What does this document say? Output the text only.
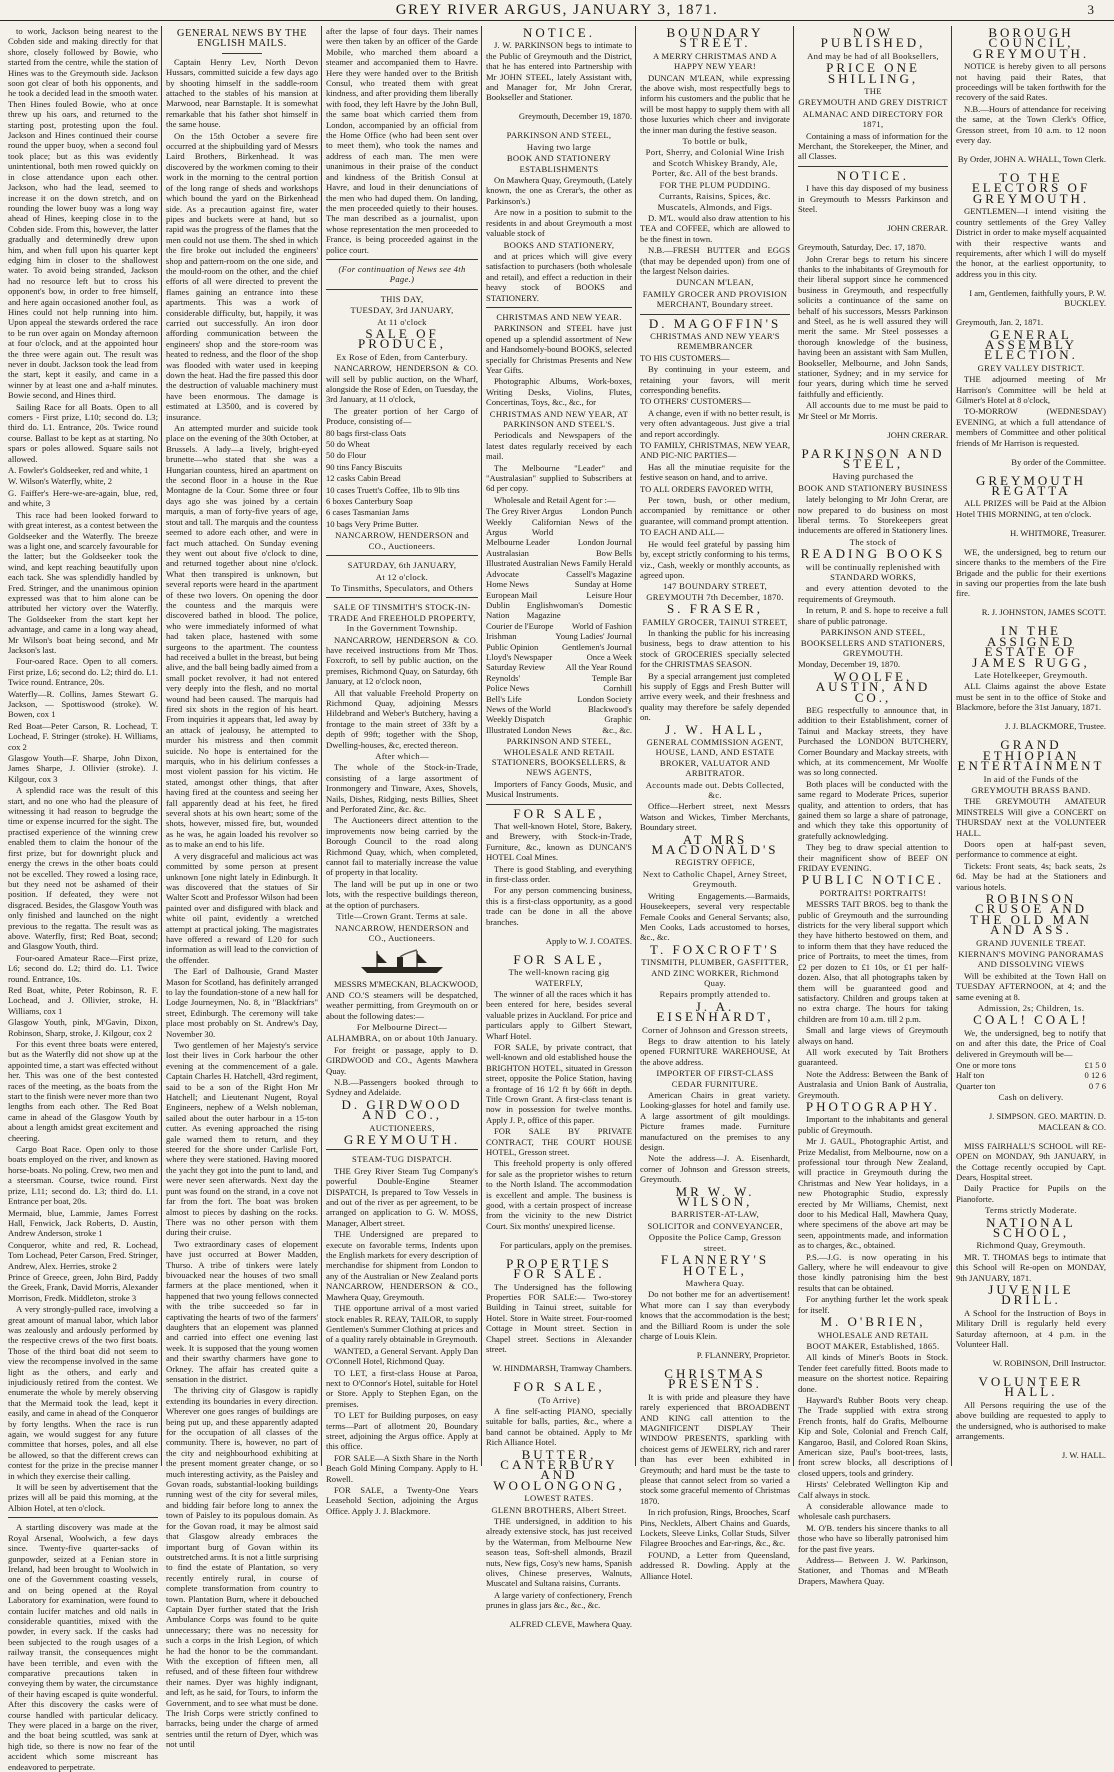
GREY RIVER ARGUS, JANUARY 3, 1871.	3

to work, Jackson being nearest to the Cobden side and making directly for that shore, closely followed by Bowie, who started from the centre, while the station of Hines was to the Greymouth side. Jackson soon got clear of both his opponents, and he took a decided lead in the smooth water. Then Hines fouled Bowie, who at once threw up his oars, and returned to the starting post, protesting upon the foul. Jackson and Hines continued their course round the upper buoy, when a second foul took place; but as this was evidently unintentional, both men rowed quickly on in close attendance upon each other. Jackson, who had the lead, seemed to increase it on the down stretch, and on rounding the lower buoy was a long way ahead of Hines, keeping close in to the Cobden side. From this, however, the latter gradually and determinedly drew upon him, and when full upon his quarter kept edging him in closer to the shallowest water. To avoid being stranded, Jackson had no resource left but to cross his opponent's bow, in order to free himself, and here again occasioned another foul, as Hines could not help running into him. Upon appeal the stewards ordered the race to be run over again on Monday afternoon at four o'clock, and at the appointed hour the three were again out. The result was never in doubt. Jackson took the lead from the start, kept it easily, and came in a winner by at least one and a-half minutes. Bowie second, and Hines third.

Sailing Race for all Boats. Open to all comers - First prize, L10; second do. L3; third do. L1. Entrance, 20s. Twice round course. Ballast to be kept as at starting. No spars or poles allowed. Square sails not allowed.

A. Fowler's Goldseeker, red and white, 1

W. Wilson's Waterfly, white, 2

G. Faiffer's Here-we-are-again, blue, red, and white, 3

This race had been looked forward to with great interest, as a contest between the Goldseeker and the Waterfly. The breeze was a light one, and scarcely favourable for the latter; but the Goldseeker took the wind, and kept reaching beautifully upon each tack. She was splendidly handled by Fred. Stringer, and the unanimous opinion expressed was that to him alone can be attributed her victory over the Waterfly. The Goldseeker from the start kept her advantage, and came in a long way ahead, Mr Wilson's boat being second, and Mr Jackson's last.

Four-oared Race. Open to all comers. First prize, L6; second do. L2; third do. L1. Twice round. Entrance, 20s.

Waterfly—R. Collins, James Stewart G. Jackson, — Spottiswood (stroke). W. Bowen, cox 1

Red Boat—Peter Carson, R. Lochead, T. Lochead, F. Stringer (stroke). H. Williams, cox 2

Glasgow Youth—F. Sharpe, John Dixon, James Sharpe, J. Ollivier (stroke). J. Kilgour, cox 3

A splendid race was the result of this start, and no one who had the pleasure of witnessing it had reason to begrudge the time or expense incurred for the sight. The practised experience of the winning crew enabled them to claim the honour of the first prize, but for downright pluck and energy the crews in the other boats could not be excelled. They rowed a losing race, but they need not be ashamed of their position. If defeated, they were not disgraced. Besides, the Glasgow Youth was only finished and launched on the night previous to the regatta. The result was as above. Waterfly, first; Red Boat, second; and Glasgow Youth, third.

Four-oared Amateur Race—First prize, L6; second do. L2; third do. L1. Twice round. Entrance, 10s.

Red Boat, white, Peter Robinson, R. F. Lochead, and J. Ollivier, stroke, H. Williams, cox 1

Glasgow Youth, pink, M'Gavin, Dixon, Robinson, Sharp, stroke, J. Kilgour, cox 2

For this event three boats were entered, but as the Waterfly did not show up at the appointed time, a start was effected without her. This was one of the best contested races of the meeting, as the boats from the start to the finish were never more than two lengths from each other. The Red Boat came in ahead of the Glasgow Youth by about a length amidst great excitement and cheering.

Cargo Boat Race. Open only to those boats employed on the river, and known as horse-boats. No poling. Crew, two men and a steersman. Course, twice round. First prize, L11; second do. L3; third do. L1. Entrance per boat, 20s.

Mermaid, blue, Lammie, James Forrest Hall, Fenwick, Jack Roberts, D. Austin, Andrew Anderson, stroke 1

Conqueror, white and red, R. Lochead, Tom Lochead, Peter Carson, Fred. Stringer, Andrew, Alex. Herries, stroke 2

Prince of Greece, green, John Bird, Paddy the Greek, Frank, David Morris, Alexander Morrison, Fredk. Middleton, stroke 3

A very strongly-pulled race, involving a great amount of manual labor, which labor was zealously and ardously performed by the respective crews of the two first boats. Those of the third boat did not seem to view the recompense involved in the same light as the others, and early and injudiciously retired from the contest. We enumerate the whole by merely observing that the Mermaid took the lead, kept it easily, and came in ahead of the Conqueror by forty lengths. When the race is run again, we would suggest for any future committee that horses, poles, and all else be allowed, so that the different crews can contest for the prize in the precise manner in which they exercise their calling.

It will be seen by advertisement that the prizes will all be paid this morning, at the Albion Hotel, at ten o'clock.

A startling discovery was made at the Royal Arsenal, Woolwich, a few days since. Twenty-five quarter-sacks of gunpowder, seized at a Fenian store in Ireland, had been brought to Woolwich in one of the Government coasting vessels, and on being opened at the Royal Laboratory for examination, were found to contain lucifer matches and old nails in considerable quantities, mixed with the powder, in every sack. If the casks had been subjected to the rough usages of a railway transit, the consequences might have been terrible, and even with the comparative precautions taken in conveying them by water, the circumstance of their having escaped is quite wonderful. After this discovery the casks were of course handled with particular delicacy. They were placed in a barge on the river, and the boat being scuttled, was sank at high tide, so there is now no fear of the accident which some miscreant has endeavored to perpetrate.

GENERAL NEWS BY THE ENGLISH MAILS.

Captain Henry Lev, North Devon Hussars, committed suicide a few days ago by shooting himself in the saddle-room attached to the stables of his mansion at Marwood, near Barnstaple. It is somewhat remarkable that his father shot himself in the same house.

On the 15th October a severe fire occurred at the shipbuilding yard of Messrs Laird Brothers, Birkenhead. It was discovered by the workmen coming to their work in the morning to the central portion of the long range of sheds and workshops which bound the yard on the Birkenhead side. As a precaution against fire, water pipes and buckets were at hand, but so rapid was the progress of the flames that the men could not use them. The shed in which the fire broke out included the engineers' shop and pattern-room on the one side, and the mould-room on the other, and the chief efforts of all were directed to prevent the flames gaining an entrance into these apartments. This was a work of considerable difficulty, but, happily, it was carried out successfully. An iron door affording communication between the engineers' shop and the store-room was heated to redness, and the floor of the shop was flooded with water used in keeping down the heat. Had the fire passed this door the destruction of valuable machinery must have been enormous. The damage is estimated at L3500, and is covered by insurance.

An attempted murder and suicide took place on the evening of the 30th October, at Brussels. A lady—a lively, bright-eyed brunette—who stated that she was a Hungarian countess, hired an apartment on the second floor in a house in the Rue Montagne de la Cour. Some three or four days ago she was joined by a certain marquis, a man of forty-five years of age, stout and tall. The marquis and the countess seemed to adore each other, and were in fact much attached. On Sunday evening they went out about five o'clock to dine, and returned together about nine o'clock. What then transpired is unknown, but several reports were heard in the apartment of these two lovers. On opening the door the countess and the marquis were discovered bathed in blood. The police, who were immediately informed of what had taken place, hastened with some surgeons to the apartment. The countess had received a bullet in the breast, but being alive, and the ball being badly aimed from a small pocket revolver, it had not entered very deeply into the flesh, and no mortal wound had been caused. The marquis had fired six shots in the region of his heart. From inquiries it appears that, led away by an attack of jealousy, he attempted to murder his mistress and then commit suicide. No hope is entertained for the marquis, who in his delirium confesses a most violent passion for his victim. He stated, amongst other things, that after having fired at the countess and seeing her fall apparently dead at his feet, he fired several shots at his own heart; some of the shots, however, missed fire, but, wounded as he was, he again loaded his revolver so as to make an end to his life.

A very disgraceful and malicious act was committed by some person at present unknown [one night lately in Edinburgh. It was discovered that the statues of Sir Walter Scott and Professor Wilson had been painted over and disfigured with black and white oil paint, evidently a wretched attempt at practical joking. The magistrates have offered a reward of L20 for such information as will lead to the conviction of the offender.

The Earl of Dalhousie, Grand Master Mason for Scotland, has definitely arranged to lay the foundation-stone of a new hall for Lodge Journeymen, No. 8, in "Blackfriars" street, Edinburgh. The ceremony will take place most probably on St. Andrew's Day, November 30.

Two gentlemen of her Majesty's service lost their lives in Cork harbour the other evening at the commencement of a gale. Captain Charles H. Hatchell, 43rd regiment, said to be a son of the Right Hon Mr Hatchell; and Lieutenant Nugent, Royal Engineers, nephew of a Welsh nobleman, sailed about the outer harbour in a 15-ton cutter. As evening approached the rising gale warned them to return, and they steered for the shore under Carlisle Fort, where they were stationed. Having moored the yacht they got into the punt to land, and were never seen afterwards. Next day the punt was found on the strand, in a cove not far from the fort. The boat was broken almost to pieces by dashing on the rocks. There was no other person with them during their cruise.

Two extraordinary cases of elopement have just occurred at Bower Madden, Thurso. A tribe of tinkers were lately bivouacked near the houses of two small farmers at the place mentioned, when it happened that two young fellows connected with the tribe succeeded so far in captivating the hearts of two of the farmers' daughters that an elopement was planned and carried into effect one evening last week. It is supposed that the young women and their swarthy charmers have gone to Orkney. The affair has created quite a sensation in the district.

The thriving city of Glasgow is rapidly extending its boundaries in every direction. Wherever one goes ranges of buildings are being put up, and these apparently adapted for the occupation of all classes of the community. There is, however, no part of the city and neighbourhood exhibiting at the present moment greater change, or so much interesting activity, as the Paisley and Govan roads, substantial-looking buildings running west of the city for several miles, and bidding fair before long to annex the town of Paisley to its populous domain. As for the Govan road, it may be almost said that Glasgow already embraces the important burg of Govan within its outstretched arms. It is not a little surprising to find the estate of Plantation, so very recently entirely rural, in course of complete transformation from country to town. Plantation Burn, where it debouched Captain Dyer further stated that the Irish Ambulance Corps was found to be quite unnecessary; there was no necessity for such a corps in the Irish Legion, of which he had the honor to be the commandant. With the exception of fifteen men, all refused, and of these fifteen four withdrew their names. Dyer was highly indignant, and left, as he said, for Tours, to inform the Government, and to see what must be done. The Irish Corps were strictly confined to barracks, being under the charge of armed sentries until the return of Dyer, which was not until

after the lapse of four days. Their names were then taken by an officer of the Garde Mobile, who marched them aboard a steamer and accompanied them to Havre. Here they were handed over to the British Consul, who treated them with great kindness, and after providing them liberally with food, they left Havre by the John Bull, the same boat which carried them from London, accompanied by an official from the Home Office (who had been sent over to meet them), who took the names and address of each man. The men were unanimous in their praise of the conduct and kindness of the British Consul at Havre, and loud in their denunciations of the men who had duped them. On landing, the men proceeded quietly to their houses. The man described as a journalist, upon whose representation the men proceeded to France, is being proceeded against in the police court.

(For continuation of News see 4th Page.)

THIS DAY,

TUESDAY, 3rd JANUARY,

At 11 o'clock

SALE OF PRODUCE,

Ex Rose of Eden, from Canterbury.

NANCARROW, HENDERSON & CO. will sell by public auction, on the Wharf, alongside the Rose of Eden, on Tuesday, the 3rd January, at 11 o'clock,

The greater portion of her Cargo of Produce, consisting of—

80 bags first-class Oats

50 do Wheat

50 do Flour

90 tins Fancy Biscuits

12 casks Cabin Bread

10 cases Truett's Coffee, 1lb to 9lb tins

6 boxes Canterbury Soap

6 cases Tasmanian Jams

10 bags Very Prime Butter.

NANCARROW, HENDERSON and CO., Auctioneers.

SATURDAY, 6th JANUARY,

At 12 o'clock.

To Tinsmiths, Speculators, and Others

SALE OF TINSMITH'S STOCK-IN-TRADE And FREEHOLD PROPERTY, In the Government Township.

NANCARROW, HENDERSON & CO. have received instructions from Mr Thos. Foxcroft, to sell by public auction, on the premises, Richmond Quay, on Saturday, 6th January, at 12 o'clock noon,

All that valuable Freehold Property on Richmond Quay, adjoining Messrs Hildebrand and Weber's Butchery, having a frontage to the main street of 33ft by a depth of 99ft; together with the Shop, Dwelling-houses, &c, erected thereon.

After which—

The whole of the Stock-in-Trade, consisting of a large assortment of Ironmongery and Tinware, Axes, Shovels, Nails, Dishes, Ridging, nests Billies, Sheet and Perforated Zinc, &c. &c.

The Auctioneers direct attention to the improvements now being carried by the Borough Council to the road along Richmond Quay, which, when completed, cannot fail to materially increase the value of property in that locality.

The land will be put up in one or two lots, with the respective buildings thereon, at the option of purchasers.

Title—Crown Grant. Terms at sale.

NANCARROW, HENDERSON and CO., Auctioneers.

MESSRS M'MECKAN, BLACKWOOD, AND CO.'S steamers will be despatched, weather permitting, from Greymouth on or about the following dates:—

For Melbourne Direct—

ALHAMBRA, on or about 10th January.

For freight or passage, apply to D. GIRDWOOD and CO., Agents Mawhera Quay.

N.B.—Passengers booked through to Sydney and Adelaide.

D. GIRDWOOD AND CO.,

AUCTIONEERS,

GREYMOUTH.

STEAM-TUG DISPATCH.

THE Grey River Steam Tug Company's powerful Double-Engine Steamer DISPATCH, Is prepared to Tow Vessels in and out of the river as per agreement, to be arranged on application to G. W. MOSS, Manager, Albert street.

THE Undersigned are prepared to execute on favorable terms, Indents upon the English markets for every description of merchandise for shipment from London to any of the Australian or New Zealand ports NANCARROW, HENDERSON & CO., Mawhera Quay, Greymouth.

THE opportune arrival of a most varied stock enables R. REAY, TAILOR, to supply Gentlemen's Summer Clothing at prices and of a quality rarely obtainable in Greymouth.

WANTED, a General Servant. Apply Dan O'Connell Hotel, Richmond Quay.

TO LET, a first-class House at Paroa, next to O'Connor's Hotel, suitable for Hotel or Store. Apply to Stephen Egan, on the premises.

TO LET for Building purposes, on easy terms—Part of allotment 20, Boundary street, adjoining the Argus office. Apply at this office.

FOR SALE—A Sixth Share in the North Beach Gold Mining Company. Apply to H. Rowell.

FOR SALE, a Twenty-One Years Leasehold Section, adjoining the Argus Office. Apply J. J. Blackmore.

NOTICE.

J. W. PARKINSON begs to intimate to the Public of Greymouth and the District, that he has entered into Partnership with Mr JOHN STEEL, lately Assistant with, and Manager for, Mr John Crerar, Bookseller and Stationer.

Greymouth, December 19, 1870.

PARKINSON AND STEEL,

Having two large

BOOK AND STATIONERY ESTABLISHMENTS

On Mawhera Quay, Greymouth, (Lately known, the one as Crerar's, the other as Parkinson's.)

Are now in a position to submit to the residents in and about Greymouth a most valuable stock of

BOOKS AND STATIONERY,

and at prices which will give every satisfaction to purchasers (both wholesale and retail), and effect a reduction in their heavy stock of BOOKS and STATIONERY.

CHRISTMAS AND NEW YEAR.

PARKINSON and STEEL have just opened up a splendid assortment of New and Handsomely-bound BOOKS, selected specially for Christmas Presents and New Year Gifts.

Photographic Albums, Work-boxes, Writing Desks, Violins, Flutes, Concertinas, Toys, &c., &c., for

CHRISTMAS AND NEW YEAR, AT PARKINSON AND STEEL'S.

Periodicals and Newspapers of the latest dates regularly received by each mail.

The Melbourne "Leader" and "Australasian" supplied to Subscribers at 6d per copy.

Wholesale and Retail Agent for :—

The Grey River Argus London Punch
Weekly Argus
Californian News of the World
Melbourne Leader	London Journal
Australasian	Bow Bells
Illustrated Australian News Family Herald
Advocate	Cassell's Magazine
Home News	Sunday at Home
European Mail	Leisure Hour
Dublin Nation
Englishwoman's Domestic Magazine
Courier de l'Europe World of Fashion
Irishman	Young Ladies' Journal
Public Opinion	Gentlemen's Journal
Lloyd's Newspaper	Once a Week
Saturday Review All the Year Round
Reynolds'	Temple Bar
Police News	Cornhill
Bell's Life	London Society
News of the World	Blackwood's
Weekly Dispatch	Graphic
Illustrated London News	&c., &c.

PARKINSON AND STEEL, WHOLESALE AND RETAIL STATIONERS, BOOKSELLERS, & NEWS AGENTS,

Importers of Fancy Goods, Music, and Musical Instruments.

FOR SALE,

That well-known Hotel, Store, Bakery, and Brewery, with Stock-in-Trade, Furniture, &c., known as DUNCAN'S HOTEL Coal Mines.

There is good Stabling, and everything in first-class order.

For any person commencing business, this is a first-class opportunity, as a good trade can be done in all the above branches.

Apply to W. J. COATES.

FOR SALE,

The well-known racing gig WATERFLY,

The winner of all the races which it has been entered for here, besides several valuable prizes in Auckland. For price and particulars apply to Gilbert Stewart, Wharf Hotel.

FOR SALE, by private contract, that well-known and old established house the BRIGHTON HOTEL, situated in Gresson street, opposite the Police Station, having a frontage of 16 1/2 ft by 66ft in depth. Title Crown Grant. A first-class tenant is now in possession for twelve months. Apply J. P., office of this paper.

FOR SALE BY PRIVATE CONTRACT, THE COURT HOUSE HOTEL, Gresson street.

This freehold property is only offered for sale as the proprietor wishes to return to the North Island. The accommodation is excellent and ample. The business is good, with a certain prospect of increase from the vicinity to the new District Court. Six months' unexpired license.

For particulars, apply on the premises.

PROPERTIES FOR SALE.

The Undersigned has the following Properties FOR SALE:— Two-storey Building in Tainui street, suitable for Hotel. Store in Waite street. Four-roomed Cottage in Mount street. Section in Chapel street. Sections in Alexander street.

W. HINDMARSH, Tramway Chambers.

FOR SALE,

(To Arrive)

A fine self-acting PIANO, specially suitable for balls, parties, &c., where a band cannot be obtained. Apply to Mr Rich Alliance Hotel.

BUTTER, CANTERBURY AND WOOLONGONG,

LOWEST RATES.

GLENN BROTHERS, Albert Street.

THE undersigned, in addition to his already extensive stock, has just received by the Waterman, from Melbourne New season teas, Soft-shell almonds, Brazil nuts, New figs, Cosy's new hams, Spanish olives, Chinese preserves, Walnuts, Muscatel and Sultana raisins, Currants.

A large variety of confectionery, French prunes in glass jars &c., &c., &c.

ALFRED CLEVE, Mawhera Quay.

BOUNDARY STREET.

A MERRY CHRISTMAS AND A HAPPY NEW YEAR!

DUNCAN M'LEAN, while expressing the above wish, most respectfully begs to inform his customers and the public that he will be most happy to supply them with all those luxuries which cheer and invigorate the inner man during the festive season.

To bottle or bulk,

Port, Sherry, and Colonial Wine Irish and Scotch Whiskey Brandy, Ale, Porter, &c. All of the best brands.

FOR THE PLUM PUDDING.

Currants, Raisins, Spices, &c. Muscatels, Almonds, and Figs.

D. M'L. would also draw attention to his TEA and COFFEE, which are allowed to be the finest in town.

N.B.—FRESH BUTTER and EGGS (that may be depended upon) from one of the largest Nelson dairies.

DUNCAN M'LEAN,

FAMILY GROCER AND PROVISION MERCHANT, Boundary street.

D. MAGOFFIN'S

CHRISTMAS AND NEW YEAR'S REMEMBRANCER

TO HIS CUSTOMERS—

By continuing in your esteem, and retaining your favors, will merit corresponding benefits.

TO OTHERS' CUSTOMERS—

A change, even if with no better result, is very often advantageous. Just give a trial and report accordingly.

TO FAMILY, CHRISTMAS, NEW YEAR, AND PIC-NIC PARTIES—

Has all the minutiae requisite for the festive season on hand, and to arrive.

TO ALL ORDERS FAVORED WITH,

Per town, bush, or other medium, accompanied by remittance or other guarantee, will command prompt attention.

TO EACH AND ALL—

He would feel grateful by passing him by, except strictly conforming to his terms, viz., Cash, weekly or monthly accounts, as agreed upon.

147 BOUNDARY STREET, GREYMOUTH 7th December, 1870.

S. FRASER,

FAMILY GROCER, TAINUI STREET,

In thanking the public for his increasing business, begs to draw attention to his stock of GROCERIES specially selected for the CHRISTMAS SEASON.

By a special arrangement just completed his supply of Eggs and Fresh Butter will arrive every week, and their freshness and quality may therefore be safely depended on.

J. W. HALL,

GENERAL COMMISSION AGENT, HOUSE, LAND, AND ESTATE BROKER, VALUATOR AND ARBITRATOR.

Accounts made out. Debts Collected, &c.

Office—Herbert street, next Messrs Watson and Wickes, Timber Merchants, Boundary street.

AT MRS MACDONALD'S

REGISTRY OFFICE,

Next to Catholic Chapel, Arney Street, Greymouth.

Writing Engagements.—Barmaids, Housekeepers, several very respectable Female Cooks and General Servants; also, Men Cooks, Lads accustomed to horses, &c., &c.

T. FOXCROFT'S

TINSMITH, PLUMBER, GASFITTER, AND ZINC WORKER, Richmond Quay.

Repairs promptly attended to.

J. A. EISENHARDT,

Corner of Johnson and Gresson streets,

Begs to draw attention to his lately opened FURNITURE WAREHOUSE, At the above address.

IMPORTER OF FIRST-CLASS CEDAR FURNITURE.

American Chairs in great variety. Looking-glasses for hotel and family use. A large assortment of gilt mouldings. Picture frames made. Furniture manufactured on the premises to any design.

Note the address—J. A. Eisenhardt, corner of Johnson and Gresson streets, Greymouth.

MR W. W. WILSON,

BARRISTER-AT-LAW,

SOLICITOR and CONVEYANCER,

Opposite the Police Camp, Gresson street.

FLANNERY'S HOTEL,

Mawhera Quay.

Do not bother me for an advertisement! What more can I say than everybody knows that the accommodation is the best; and the Billiard Room is under the sole charge of Louis Klein.

P. FLANNERY, Proprietor.

CHRISTMAS PRESENTS.

It is with pride and pleasure they have rarely experienced that BROADBENT AND KING call attention to the MAGNIFICENT DISPLAY Their WINDOW PRESENTS, sparkling with choicest gems of JEWELRY, rich and rarer than has ever been exhibited in Greymouth; and hard must be the taste to please that cannot select from so varied a stock some graceful memento of Christmas 1870.

In rich profusion, Rings, Brooches, Scarf Pins, Necklets, Albert Chains and Guards, Lockets, Sleeve Links, Collar Studs, Silver Filagree Brooches and Ear-rings, &c., &c.

FOUND, a Letter from Queensland, addressed R. Dowling. Apply at the Alliance Hotel.

NOW PUBLISHED,

And may be had of all Booksellers,

PRICE ONE SHILLING,

THE

GREYMOUTH AND GREY DISTRICT

ALMANAC AND DIRECTORY FOR 1871,

Containing a mass of information for the Merchant, the Storekeeper, the Miner, and all Classes.

NOTICE.

I have this day disposed of my business in Greymouth to Messrs Parkinson and Steel.

JOHN CRERAR.

Greymouth, Saturday, Dec. 17, 1870.

John Crerar begs to return his sincere thanks to the inhabitants of Greymouth for their liberal support since he commenced business in Greymouth, and respectfully solicits a continuance of the same on behalf of his successors, Messrs Parkinson and Steel, as he is well assured they will merit the same. Mr Steel possesses a thorough knowledge of the business, having been an assistant with Sam Mullen, Bookseller, Melbourne, and John Sands, stationer, Sydney; and in my service for four years, during which time he served faithfully and efficiently.

All accounts due to me must be paid to Mr Steel or Mr Morris.

JOHN CRERAR.

PARKINSON AND STEEL,

Having purchased the

BOOK AND STATIONERY BUSINESS

lately belonging to Mr John Crerar, are now prepared to do business on most liberal terms. To Storekeepers great inducements are offered in Stationery lines.

The stock of

READING BOOKS

will be continually replenished with STANDARD WORKS,

and every attention devoted to the requirements of Greymouth.

In return, P. and S. hope to receive a full share of public patronage.

PARKINSON AND STEEL, BOOKSELLERS AND STATIONERS, GREYMOUTH.

Monday, December 19, 1870.

WOOLFE, AUSTIN, AND CO.,

BEG respectfully to announce that, in addition to their Establishment, corner of Tainui and Mackay streets, they have Purchased the LONDON BUTCHERY, Corner Boundary and Mackay streets, with which, at its commencement, Mr Woolfe was so long connected.

Both places will be conducted with the same regard to Moderate Prices, superior quality, and attention to orders, that has gained them so large a share of patronage, and which they take this opportunity of gratefully acknowledging.

They beg to draw special attention to their magnificent show of BEEF ON FRIDAY EVENING.

PUBLIC NOTICE.

PORTRAITS! PORTRAITS!

MESSRS TAIT BROS. beg to thank the public of Greymouth and the surrounding districts for the very liberal support which they have hitherto bestowed on them, and to inform them that they have reduced the price of Portraits, to meet the times, from £2 per dozen to £1 10s, or £1 per half-dozen. Also, that all photographs taken by them will be guaranteed good and satisfactory. Children and groups taken at no extra charge. The hours for taking children are from 10 a.m. till 2 p.m.

Small and large views of Greymouth always on hand.

All work executed by Tait Brothers guaranteed.

Note the Address: Between the Bank of Australasia and Union Bank of Australia, Greymouth.

PHOTOGRAPHY.

Important to the inhabitants and general public of Greymouth.

Mr J. GAUL, Photographic Artist, and Prize Medalist, from Melbourne, now on a professional tour through New Zealand, will practice in Greymouth during the Christmas and New Year holidays, in a new Photographic Studio, expressly erected by Mr Williams, Chemist, next door to his Medical Hall, Mawhera Quay, where specimens of the above art may be seen, appointments made, and information as to charges, &c., obtained.

P.S.—J.G. is now operating in his Gallery, where he will endeavour to give those kindly patronising him the best results that can be obtained.

For anything further let the work speak for itself.

M. O'BRIEN,

WHOLESALE AND RETAIL

BOOT MAKER, Established, 1865.

All kinds of Miner's Boots in Stock. Tender feet carefully fitted. Boots made to measure on the shortest notice. Repairing done.

Hayward's Rubber Boots very cheap. The Trade supplied with extra strong French fronts, half do Grafts, Melbourne Kip and Sole, Colonial and French Calf, Kangaroo, Basil, and Colored Roan Skins, American size, Paul's boot-trees, lasts, front screw blocks, all descriptions of closed uppers, tools and grindery.

Hirsts' Celebrated Wellington Kip and Calf always in stock.

A considerable allowance made to wholesale cash purchasers.

M. O'B. tenders his sincere thanks to all those who have so liberally patronised him for the past five years.

Address— Between J. W. Parkinson, Stationer, and Thomas and M'Beath Drapers, Mawhera Quay.

BOROUGH COUNCIL, GREYMOUTH.

NOTICE is hereby given to all persons not having paid their Rates, that proceedings will be taken forthwith for the recovery of the said Rates.

N.B.—Hours of attendance for receiving the same, at the Town Clerk's Office, Gresson street, from 10 a.m. to 12 noon every day.

By Order, JOHN A. WHALL, Town Clerk.

TO THE ELECTORS OF GREYMOUTH.

GENTLEMEN—I intend visiting the country settlements of the Grey Valley District in order to make myself acquainted with their respective wants and requirements, after which I will do myself the honor, at the earliest opportunity, to address you in this city.

I am, Gentlemen, faithfully yours, P. W. BUCKLEY.

Greymouth, Jan. 2, 1871.

GENERAL ASSEMBLY ELECTION.

GREY VALLEY DISTRICT.

THE adjourned meeting of Mr Harrison's Committee will be held at Gilmer's Hotel at 8 o'clock,

TO-MORROW (WEDNESDAY) EVENING, at which a full attendance of members of Committee and other political friends of Mr Harrison is requested.

By order of the Committee.

GREYMOUTH REGATTA

ALL PRIZES will be Paid at the Albion Hotel THIS MORNING, at ten o'clock.

H. WHITMORE, Treasurer.

WE, the undersigned, beg to return our sincere thanks to the members of the Fire Brigade and the public for their exertions in saving our properties from the late bush fire.

R. J. JOHNSTON, JAMES SCOTT.

IN THE ASSIGNED ESTATE OF JAMES RUGG,

Late Hotelkeeper, Greymouth.

ALL Claims against the above Estate must be sent in to the office of Stoke and Blackmore, before the 31st January, 1871.

J. J. BLACKMORE, Trustee.

GRAND ETHIOPIAN ENTERTAINMENT

In aid of the Funds of the

GREYMOUTH BRASS BAND.

THE GREYMOUTH AMATEUR MINSTRELS Will give a CONCERT on THURSDAY next at the VOLUNTEER HALL.

Doors open at half-past seven, performance to commence at eight.

Tickets: Front seats, 4s; back seats, 2s 6d. May be had at the Stationers and various hotels.

ROBINSON CRUSOE AND THE OLD MAN AND ASS.

GRAND JUVENILE TREAT.

KIERNAN'S MOVING PANORAMAS AND DISSOLVING VIEWS

Will be exhibited at the Town Hall on TUESDAY AFTERNOON, at 4; and the same evening at 8.

Admission, 2s; Children, 1s.

COAL! COAL!

We, the undersigned, beg to notify that on and after this date, the Price of Coal delivered in Greymouth will be—

One or more tons	£1 5 0
Half ton	0 12 6
Quarter ton	0 7 6

Cash on delivery.

J. SIMPSON. GEO. MARTIN. D. MACLEAN & CO.

MISS FAIRHALL'S SCHOOL will RE-OPEN on MONDAY, 9th JANUARY, in the Cottage recently occupied by Capt. Dears, Hospital street.

Daily Practice for Pupils on the Pianoforte.

Terms strictly Moderate.

NATIONAL SCHOOL,

Richmond Quay, Greymouth.

MR. T. THOMAS begs to intimate that this School will Re-open on MONDAY, 9th JANUARY, 1871.

JUVENILE DRILL.

A School for the Instruction of Boys in Military Drill is regularly held every Saturday afternoon, at 4 p.m. in the Volunteer Hall.

W. ROBINSON, Drill Instructor.

VOLUNTEER HALL.

All Persons requiring the use of the above building are requested to apply to the undersigned, who is authorised to make arrangements.

J. W. HALL.
